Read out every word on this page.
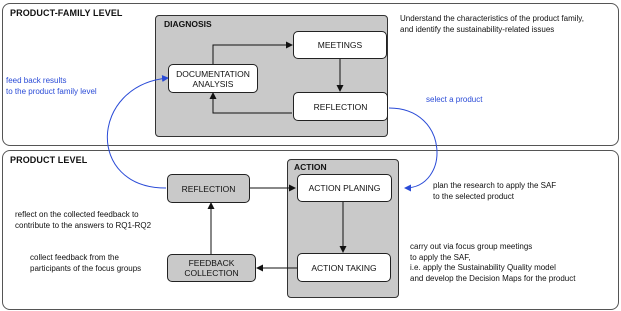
PRODUCT-FAMILY LEVEL
PRODUCT LEVEL
DIAGNOSIS
ACTION
MEETINGS
DOCUMENTATION
ANALYSIS
REFLECTION
REFLECTION	ACTION PLANING
FEEDBACK
COLLECTION
ACTION TAKING
Understand the characteristics of the product family,
and identify the sustainability-related issues
feed back results
to the product family level
select a product
plan the research to apply the SAF
to the selected product
reflect on the collected feedback to
contribute to the answers to RQ1-RQ2
collect feedback from the
participants of the focus groups
carry out via focus group meetings
to apply the SAF,
i.e. apply the Sustainability Quality model
and develop the Decision Maps for the product
